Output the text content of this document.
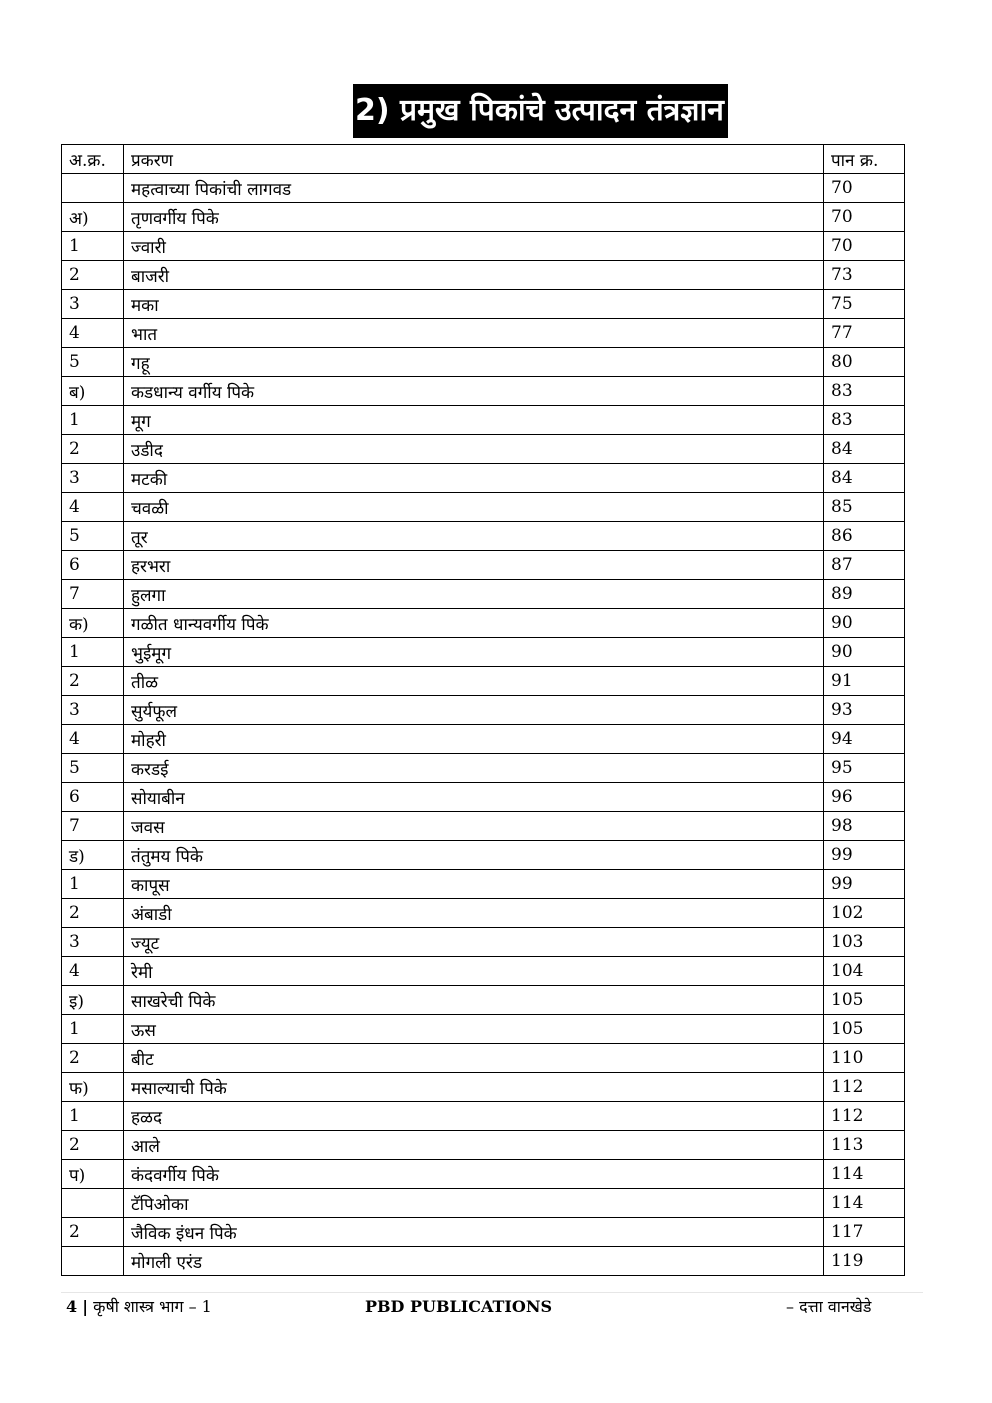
2) प्रमुख पिकांचे उत्पादन तंत्रज्ञान
अ.क्र.	प्रकरण	पान क्र.
	महत्वाच्या पिकांची लागवड	70
अ)	तृणवर्गीय पिके	70
1	ज्वारी	70
2	बाजरी	73
3	मका	75
4	भात	77
5	गहू	80
ब)	कडधान्य वर्गीय पिके	83
1	मूग	83
2	उडीद	84
3	मटकी	84
4	चवळी	85
5	तूर	86
6	हरभरा	87
7	हुलगा	89
क)	गळीत धान्यवर्गीय पिके	90
1	भुईमूग	90
2	तीळ	91
3	सुर्यफूल	93
4	मोहरी	94
5	करडई	95
6	सोयाबीन	96
7	जवस	98
ड)	तंतुमय पिके	99
1	कापूस	99
2	अंबाडी	102
3	ज्यूट	103
4	रेमी	104
इ)	साखरेची पिके	105
1	ऊस	105
2	बीट	110
फ)	मसाल्याची पिके	112
1	हळद	112
2	आले	113
प)	कंदवर्गीय पिके	114
	टॅपिओका	114
2	जैविक इंधन पिके	117
	मोगली एरंड	119
4 | कृषी शास्त्र भाग – 1	PBD PUBLICATIONS	– दत्ता वानखेडे
